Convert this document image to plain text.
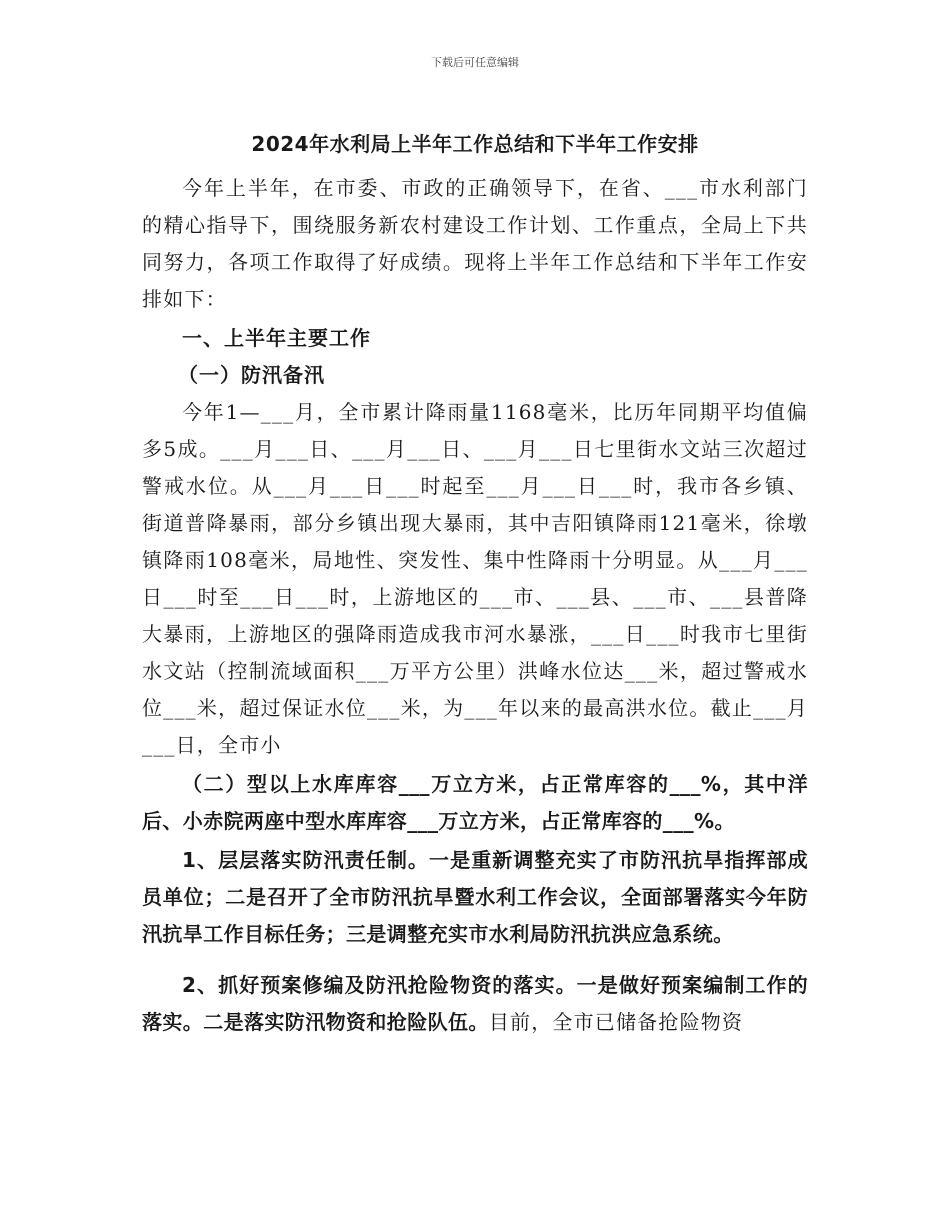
下载后可任意编辑
2024年水利局上半年工作总结和下半年工作安排

今年上半年，在市委、市政的正确领导下，在省、___市水利部门的精心指导下，围绕服务新农村建设工作计划、工作重点，全局上下共同努力，各项工作取得了好成绩。现将上半年工作总结和下半年工作安排如下：

一、上半年主要工作

（一）防汛备汛

今年1—___月，全市累计降雨量1168毫米，比历年同期平均值偏多5成。___月___日、___月___日、___月___日七里街水文站三次超过警戒水位。从___月___日___时起至___月___日___时，我市各乡镇、街道普降暴雨，部分乡镇出现大暴雨，其中吉阳镇降雨121毫米，徐墩镇降雨108毫米，局地性、突发性、集中性降雨十分明显。从___月___日___时至___日___时，上游地区的___市、___县、___市、___县普降大暴雨，上游地区的强降雨造成我市河水暴涨，___日___时我市七里街水文站（控制流域面积___万平方公里）洪峰水位达___米，超过警戒水位___米，超过保证水位___米，为___年以来的最高洪水位。截止___月___日，全市小

（二）型以上水库库容___万立方米，占正常库容的___%，其中洋后、小赤院两座中型水库库容___万立方米，占正常库容的___%。

1、层层落实防汛责任制。一是重新调整充实了市防汛抗旱指挥部成员单位；二是召开了全市防汛抗旱暨水利工作会议，全面部署落实今年防汛抗旱工作目标任务；三是调整充实市水利局防汛抗洪应急系统。

2、抓好预案修编及防汛抢险物资的落实。一是做好预案编制工作的落实。二是落实防汛物资和抢险队伍。目前，全市已储备抢险物资
